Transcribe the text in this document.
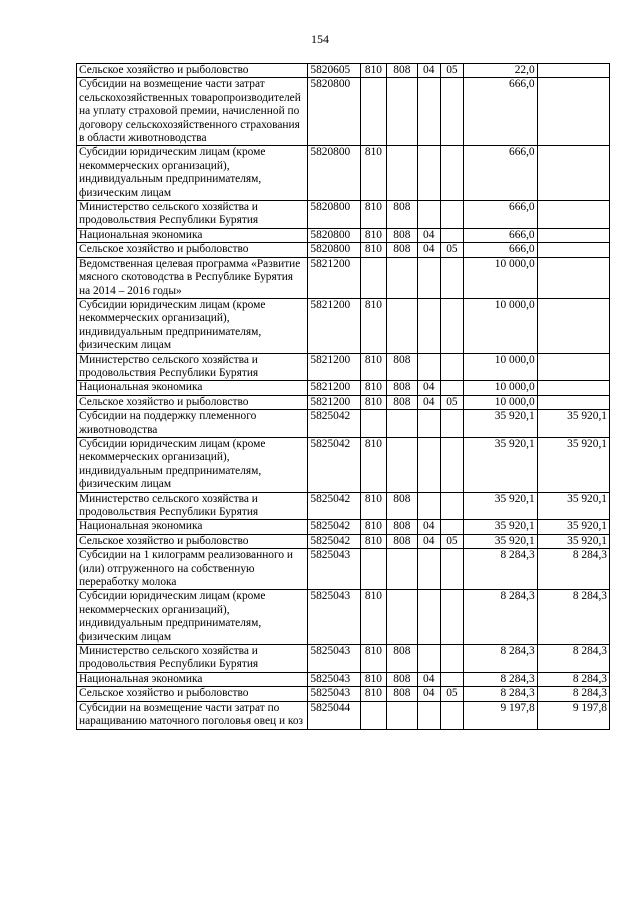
154
Сельское хозяйство и рыболовство	5820605	810	808	04	05	22,0	
Субсидии на возмещение части затрат сельскохозяйственных товаропроизводителей на уплату страховой премии, начисленной по договору сельскохозяйственного страхования в области животноводства	5820800					666,0	
Субсидии юридическим лицам (кроме некоммерческих организаций), индивидуальным предпринимателям, физическим лицам	5820800	810				666,0	
Министерство сельского хозяйства и продовольствия Республики Бурятия	5820800	810	808			666,0	
Национальная экономика	5820800	810	808	04		666,0	
Сельское хозяйство и рыболовство	5820800	810	808	04	05	666,0	
Ведомственная целевая программа «Развитие мясного скотоводства в Республике Бурятия на 2014 – 2016 годы»	5821200					10 000,0	
Субсидии юридическим лицам (кроме некоммерческих организаций), индивидуальным предпринимателям, физическим лицам	5821200	810				10 000,0	
Министерство сельского хозяйства и продовольствия Республики Бурятия	5821200	810	808			10 000,0	
Национальная экономика	5821200	810	808	04		10 000,0	
Сельское хозяйство и рыболовство	5821200	810	808	04	05	10 000,0	
Субсидии на поддержку племенного животноводства	5825042					35 920,1	35 920,1
Субсидии юридическим лицам (кроме некоммерческих организаций), индивидуальным предпринимателям, физическим лицам	5825042	810				35 920,1	35 920,1
Министерство сельского хозяйства и продовольствия Республики Бурятия	5825042	810	808			35 920,1	35 920,1
Национальная экономика	5825042	810	808	04		35 920,1	35 920,1
Сельское хозяйство и рыболовство	5825042	810	808	04	05	35 920,1	35 920,1
Субсидии на 1 килограмм реализованного и (или) отгруженного на собственную переработку молока	5825043					8 284,3	8 284,3
Субсидии юридическим лицам (кроме некоммерческих организаций), индивидуальным предпринимателям, физическим лицам	5825043	810				8 284,3	8 284,3
Министерство сельского хозяйства и продовольствия Республики Бурятия	5825043	810	808			8 284,3	8 284,3
Национальная экономика	5825043	810	808	04		8 284,3	8 284,3
Сельское хозяйство и рыболовство	5825043	810	808	04	05	8 284,3	8 284,3
Субсидии на возмещение части затрат по наращиванию маточного поголовья овец и коз	5825044					9 197,8	9 197,8
